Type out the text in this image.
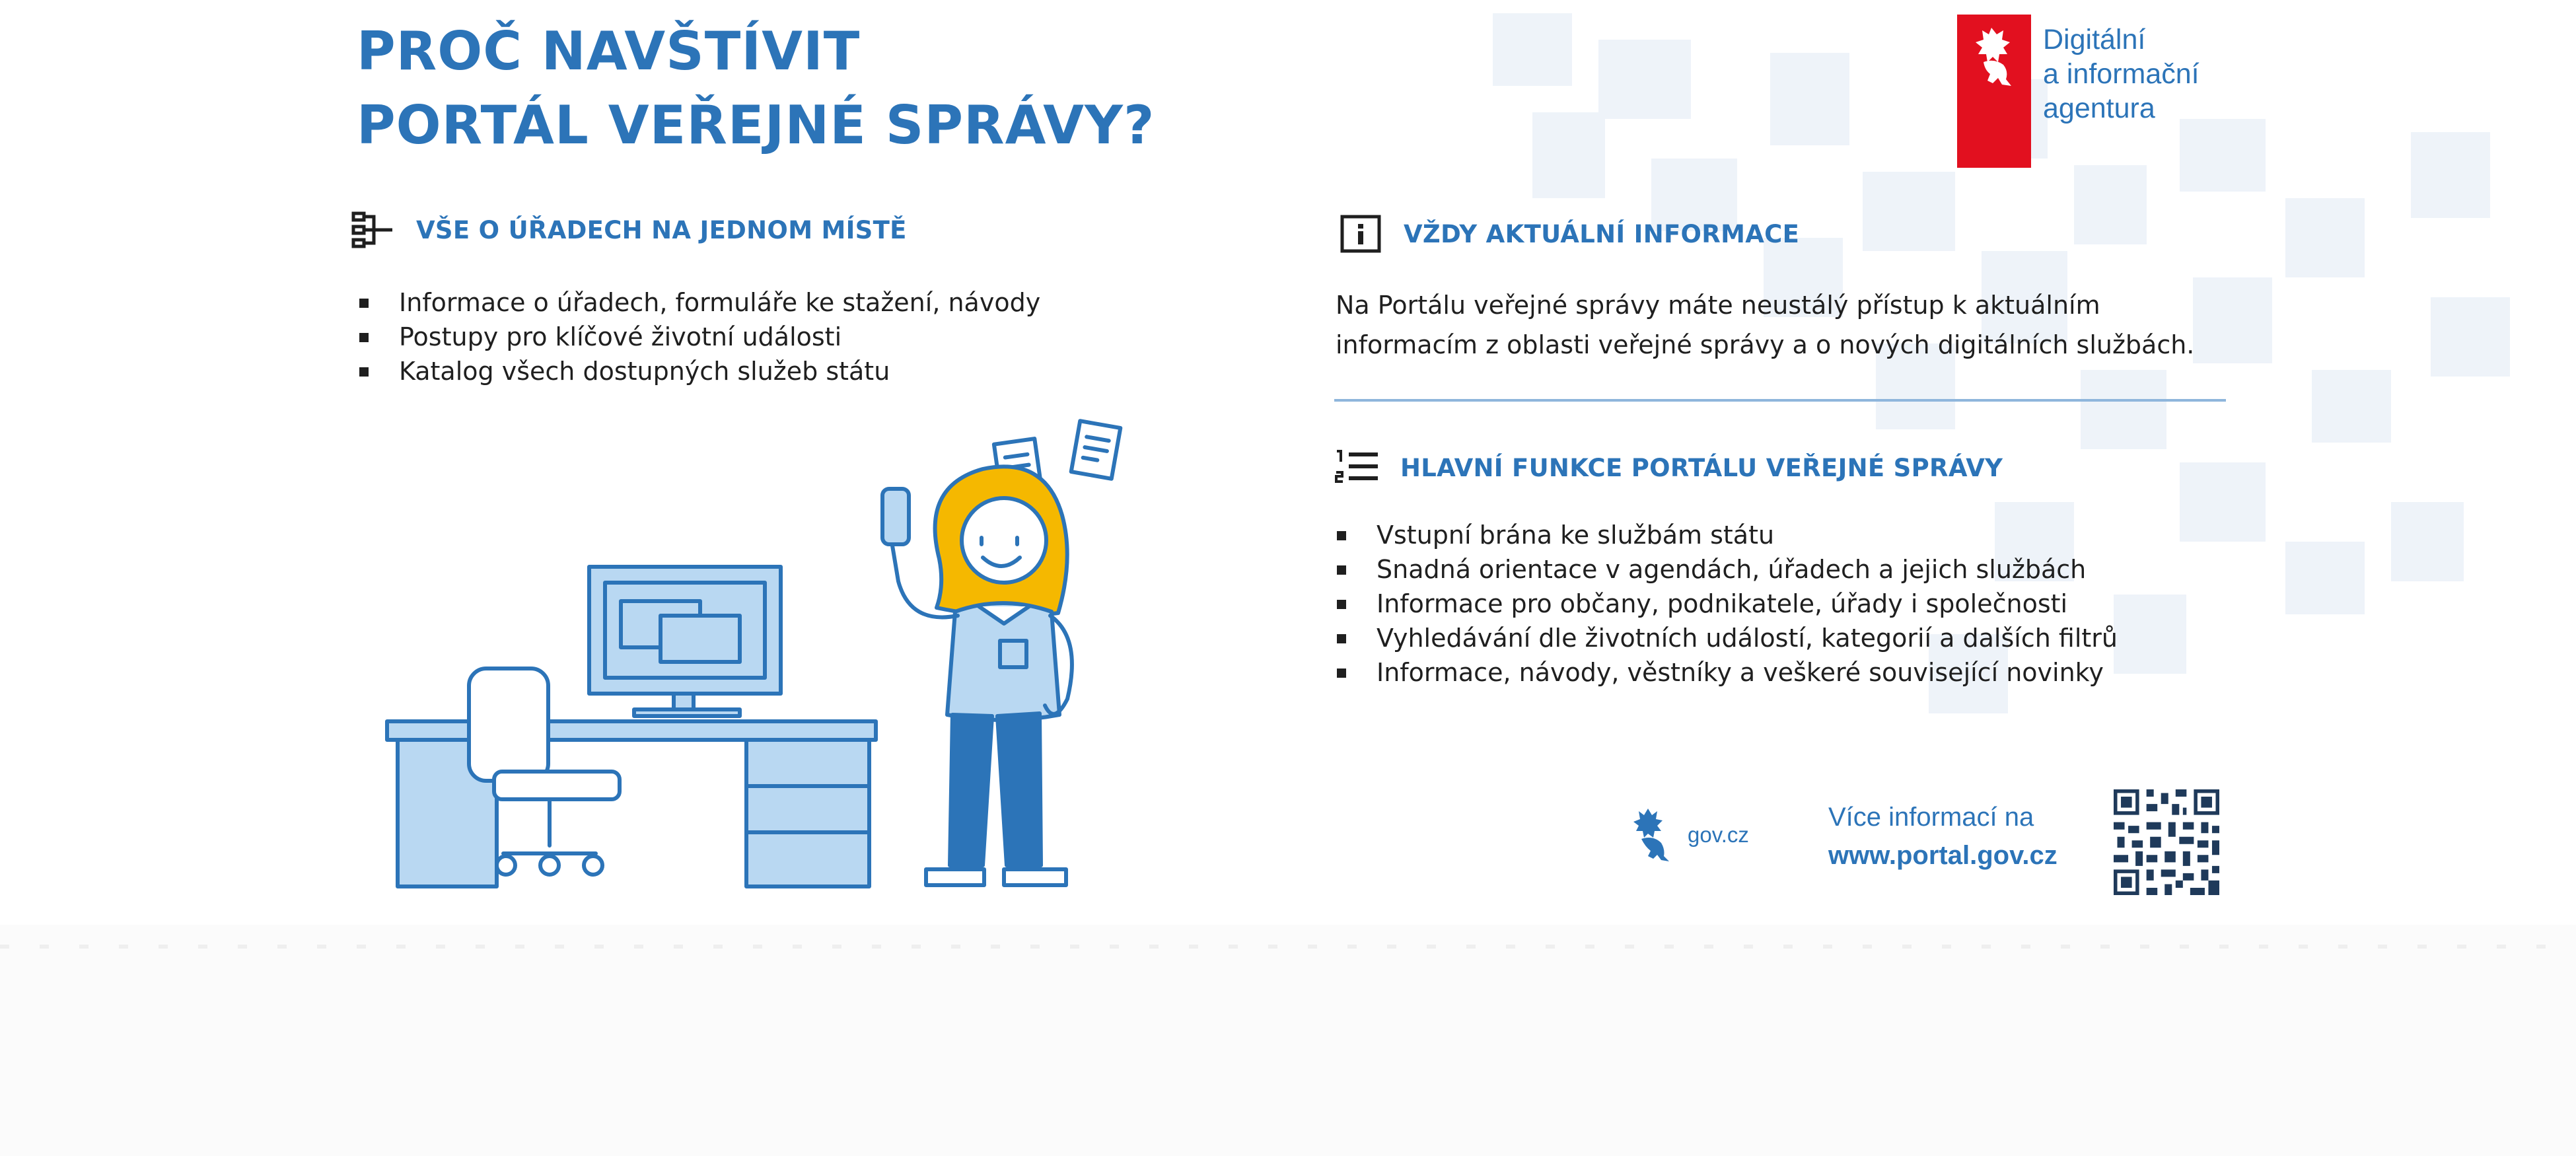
PROČ NAVŠTÍVIT
PORTÁL VEŘEJNÉ SPRÁVY?
Digitální
a informační
agentura
VŠE O ÚŘADECH NA JEDNOM MÍSTĚ
Informace o úřadech, formuláře ke stažení, návody
Postupy pro klíčové životní události
Katalog všech dostupných služeb státu
VŽDY AKTUÁLNÍ INFORMACE

Na Portálu veřejné správy máte neustálý přístup k aktuálním
informacím z oblasti veřejné správy a o nových digitálních službách.

HLAVNÍ FUNKCE PORTÁLU VEŘEJNÉ SPRÁVY
Vstupní brána ke službám státu
Snadná orientace v agendách, úřadech a jejich službách
Informace pro občany, podnikatele, úřady i společnosti
Vyhledávání dle životních událostí, kategorií a dalších filtrů
Informace, návody, věstníky a veškeré související novinky
gov.cz
Více informací na
www.portal.gov.cz
